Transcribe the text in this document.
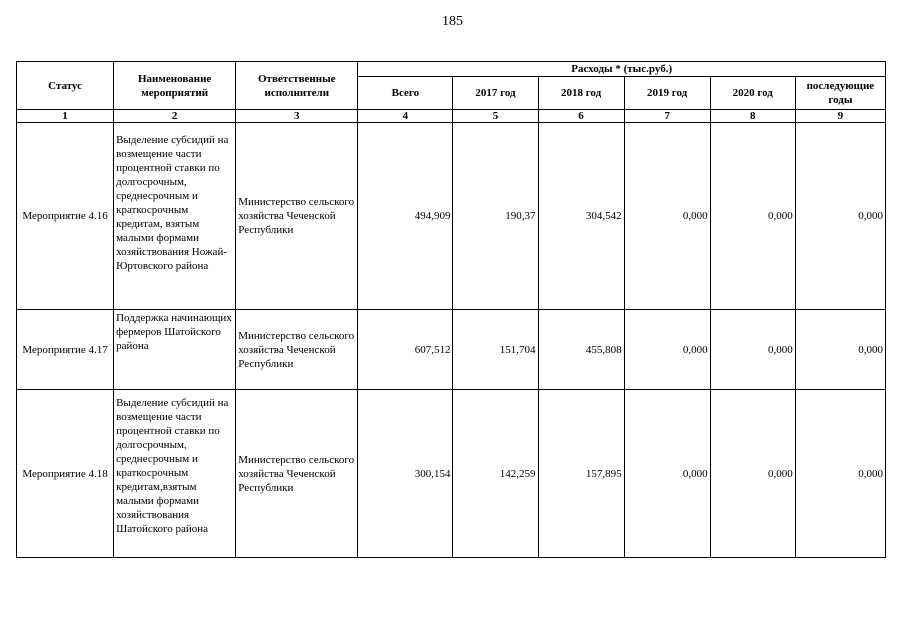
185
Статус	Наименование мероприятий	Ответственные исполнители	Расходы * (тыс.руб.)					
			Всего	2017 год	2018 год	2019 год	2020 год	последующие годы
1	2	3	4	5	6	7	8	9
Мероприятие 4.16	Выделение субсидий на возмещение части процентной ставки по долгосрочным, среднесрочным и краткосрочным кредитам, взятым малыми формами хозяйствования Ножай-Юртовского района	Министерство сельского хозяйства Чеченской Республики	494,909	190,37	304,542	0,000	0,000	0,000
Мероприятие 4.17	Поддержка начинающих фермеров Шатойского района	Министерство сельского хозяйства Чеченской Республики	607,512	151,704	455,808	0,000	0,000	0,000
Мероприятие 4.18	Выделение субсидий на возмещение части процентной ставки по долгосрочным, среднесрочным и краткосрочным кредитам,взятым малыми формами хозяйствования Шатойского района	Министерство сельского хозяйства Чеченской Республики	300,154	142,259	157,895	0,000	0,000	0,000
